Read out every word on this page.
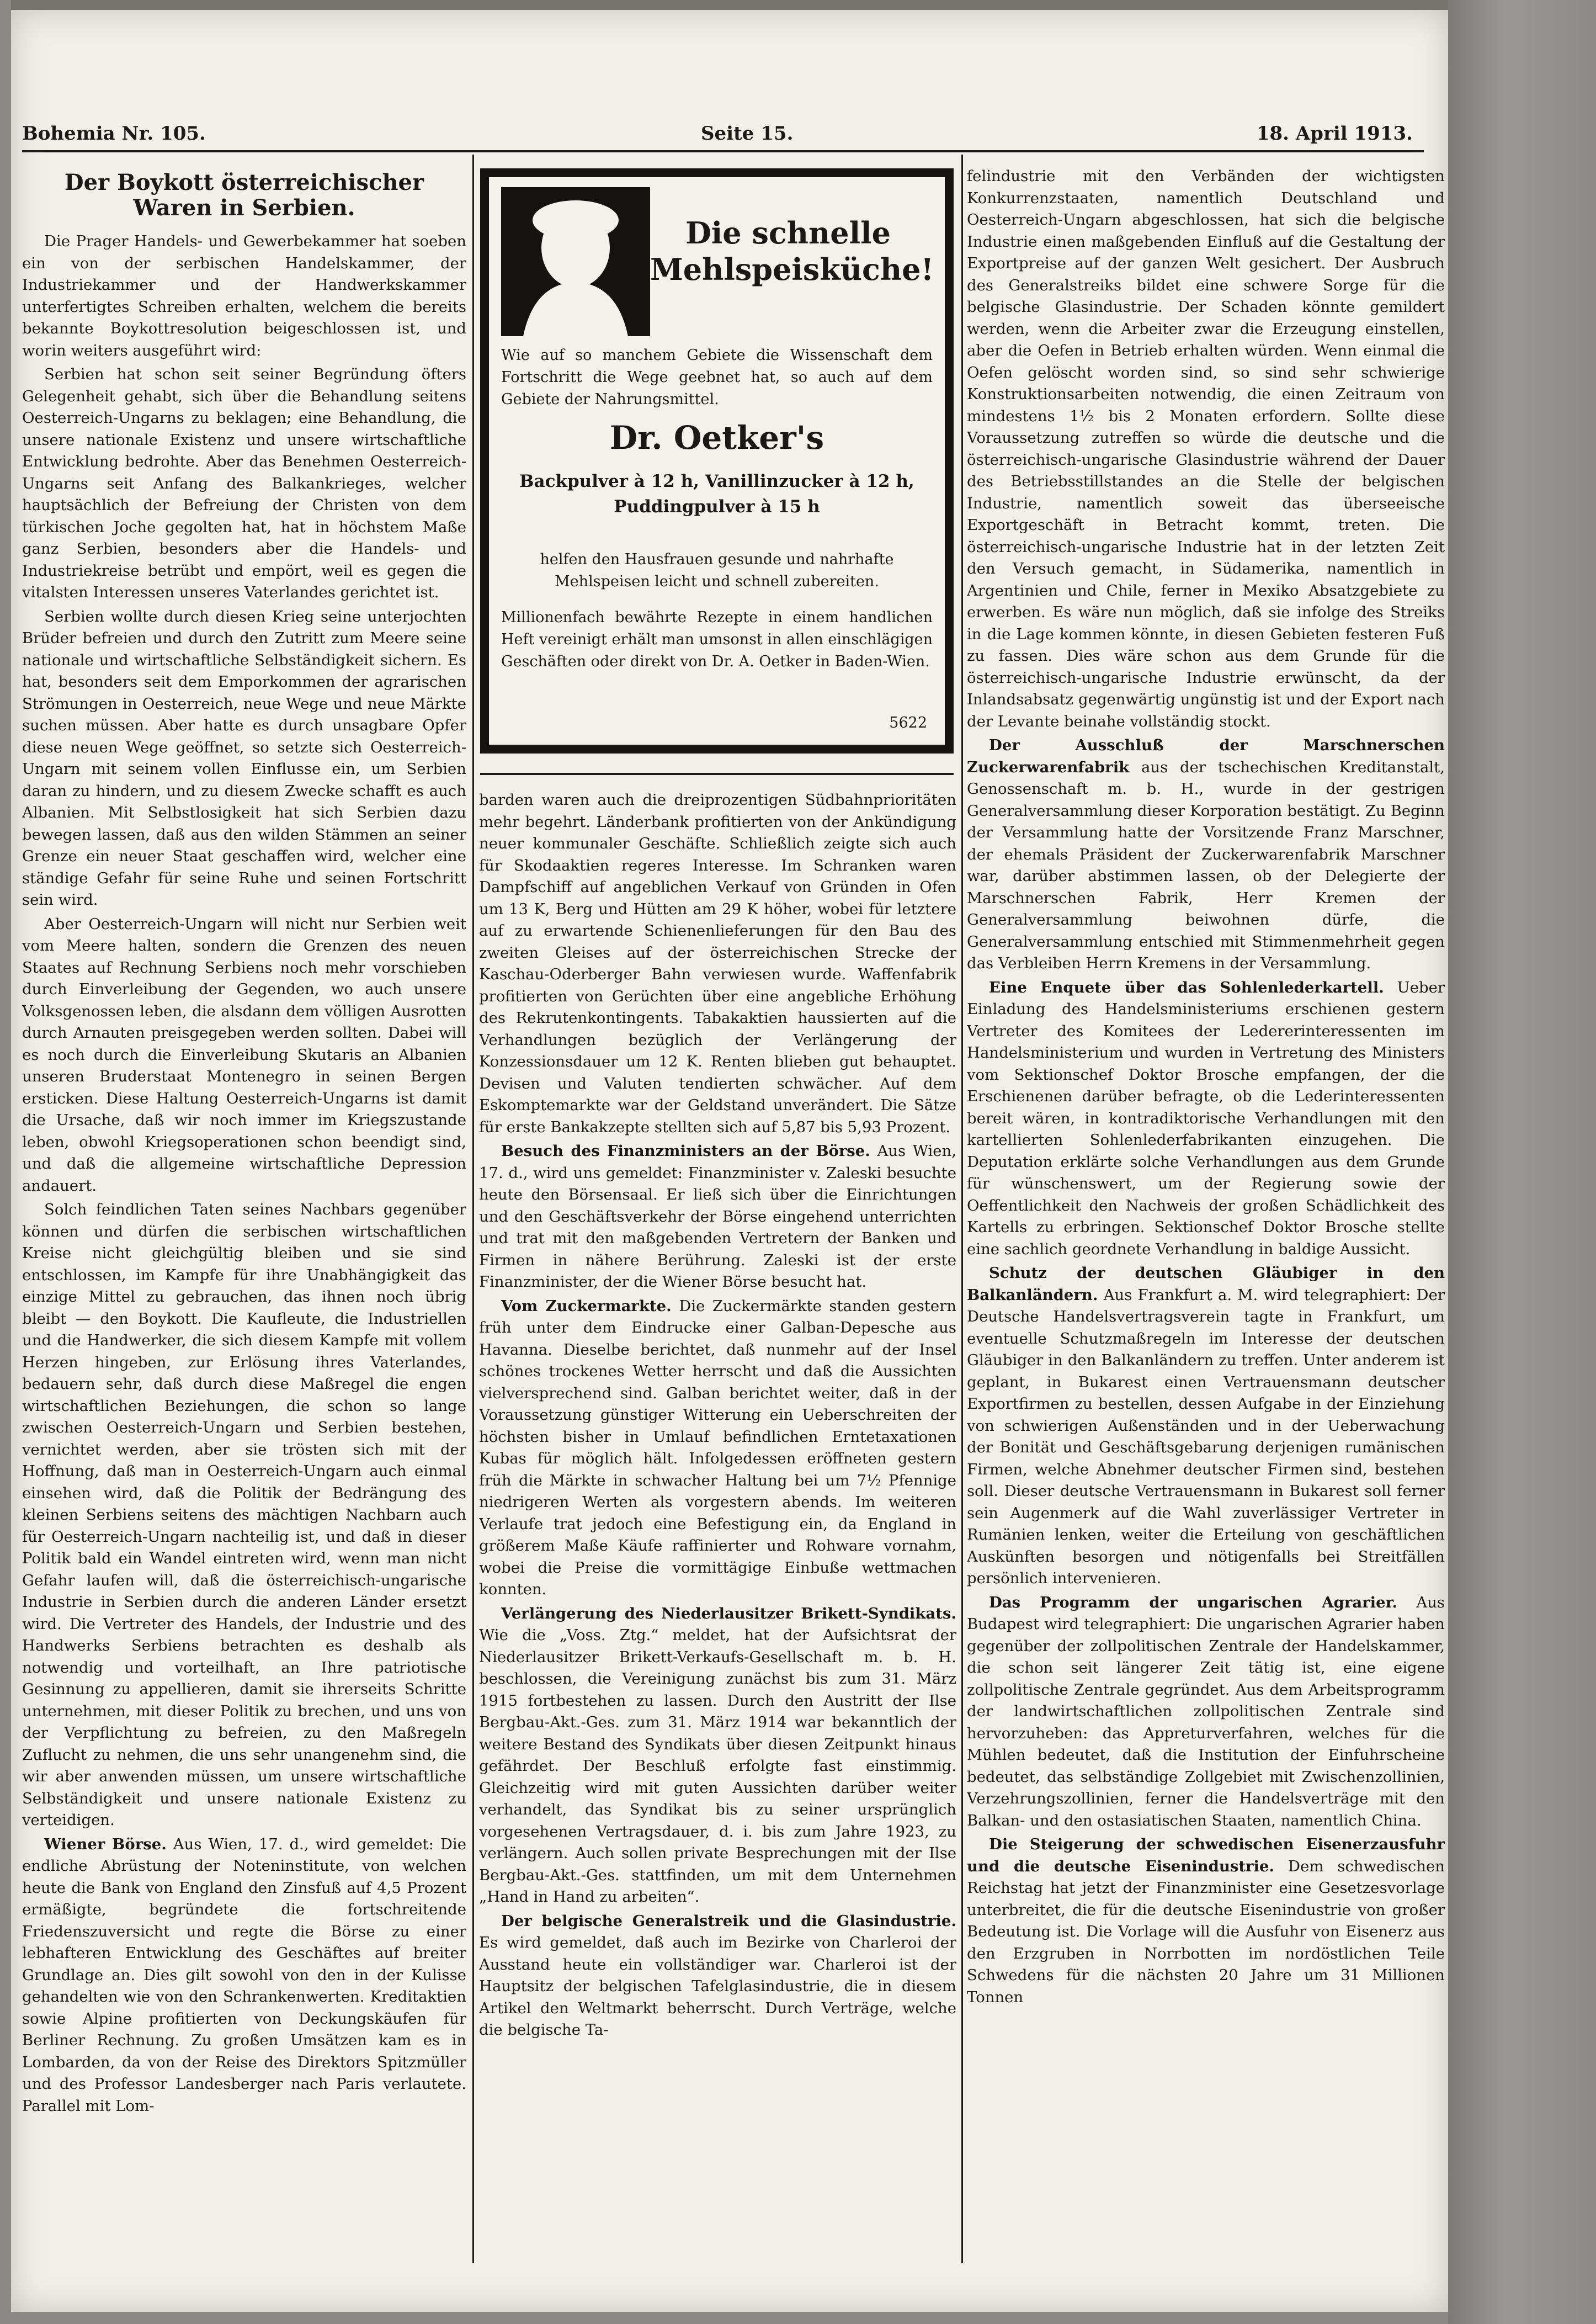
Bohemia Nr. 105.	Seite 15.	18. April 1913.

Der Boykott österreichischer Waren in Serbien.

Die Prager Handels- und Gewerbekammer hat soeben ein von der serbischen Handelskammer, der Industriekammer und der Handwerkskammer unterfertigtes Schreiben erhalten, welchem die bereits bekannte Boykottresolution beigeschlossen ist, und worin weiters ausgeführt wird:

Serbien hat schon seit seiner Begründung öfters Gelegenheit gehabt, sich über die Behandlung seitens Oesterreich-Ungarns zu beklagen; eine Behandlung, die unsere nationale Existenz und unsere wirtschaftliche Entwicklung bedrohte. Aber das Benehmen Oesterreich-Ungarns seit Anfang des Balkankrieges, welcher hauptsächlich der Befreiung der Christen von dem türkischen Joche gegolten hat, hat in höchstem Maße ganz Serbien, besonders aber die Handels- und Industriekreise betrübt und empört, weil es gegen die vitalsten Interessen unseres Vaterlandes gerichtet ist.

Serbien wollte durch diesen Krieg seine unterjochten Brüder befreien und durch den Zutritt zum Meere seine nationale und wirtschaftliche Selbständigkeit sichern. Es hat, besonders seit dem Emporkommen der agrarischen Strömungen in Oesterreich, neue Wege und neue Märkte suchen müssen. Aber hatte es durch unsagbare Opfer diese neuen Wege geöffnet, so setzte sich Oesterreich-Ungarn mit seinem vollen Einflusse ein, um Serbien daran zu hindern, und zu diesem Zwecke schafft es auch Albanien. Mit Selbstlosigkeit hat sich Serbien dazu bewegen lassen, daß aus den wilden Stämmen an seiner Grenze ein neuer Staat geschaffen wird, welcher eine ständige Gefahr für seine Ruhe und seinen Fortschritt sein wird.

Aber Oesterreich-Ungarn will nicht nur Serbien weit vom Meere halten, sondern die Grenzen des neuen Staates auf Rechnung Serbiens noch mehr vorschieben durch Einverleibung der Gegenden, wo auch unsere Volksgenossen leben, die alsdann dem völligen Ausrotten durch Arnauten preisgegeben werden sollten. Dabei will es noch durch die Einverleibung Skutaris an Albanien unseren Bruderstaat Montenegro in seinen Bergen ersticken. Diese Haltung Oesterreich-Ungarns ist damit die Ursache, daß wir noch immer im Kriegszustande leben, obwohl Kriegsoperationen schon beendigt sind, und daß die allgemeine wirtschaftliche Depression andauert.

Solch feindlichen Taten seines Nachbars gegenüber können und dürfen die serbischen wirtschaftlichen Kreise nicht gleichgültig bleiben und sie sind entschlossen, im Kampfe für ihre Unabhängigkeit das einzige Mittel zu gebrauchen, das ihnen noch übrig bleibt — den Boykott. Die Kaufleute, die Industriellen und die Handwerker, die sich diesem Kampfe mit vollem Herzen hingeben, zur Erlösung ihres Vaterlandes, bedauern sehr, daß durch diese Maßregel die engen wirtschaftlichen Beziehungen, die schon so lange zwischen Oesterreich-Ungarn und Serbien bestehen, vernichtet werden, aber sie trösten sich mit der Hoffnung, daß man in Oesterreich-Ungarn auch einmal einsehen wird, daß die Politik der Bedrängung des kleinen Serbiens seitens des mächtigen Nachbarn auch für Oesterreich-Ungarn nachteilig ist, und daß in dieser Politik bald ein Wandel eintreten wird, wenn man nicht Gefahr laufen will, daß die österreichisch-ungarische Industrie in Serbien durch die anderen Länder ersetzt wird. Die Vertreter des Handels, der Industrie und des Handwerks Serbiens betrachten es deshalb als notwendig und vorteilhaft, an Ihre patriotische Gesinnung zu appellieren, damit sie ihrerseits Schritte unternehmen, mit dieser Politik zu brechen, und uns von der Verpflichtung zu befreien, zu den Maßregeln Zuflucht zu nehmen, die uns sehr unangenehm sind, die wir aber anwenden müssen, um unsere wirtschaftliche Selbständigkeit und unsere nationale Existenz zu verteidigen.

Wiener Börse. Aus Wien, 17. d., wird gemeldet: Die endliche Abrüstung der Noteninstitute, von welchen heute die Bank von England den Zinsfuß auf 4,5 Prozent ermäßigte, begründete die fortschreitende Friedenszuversicht und regte die Börse zu einer lebhafteren Entwicklung des Geschäftes auf breiter Grundlage an. Dies gilt sowohl von den in der Kulisse gehandelten wie von den Schrankenwerten. Kreditaktien sowie Alpine profitierten von Deckungskäufen für Berliner Rechnung. Zu großen Umsätzen kam es in Lombarden, da von der Reise des Direktors Spitzmüller und des Professor Landesberger nach Paris verlautete. Parallel mit Lom-

Die schnelle Mehlspeisküche!
Wie auf so manchem Gebiete die Wissenschaft dem Fortschritt die Wege geebnet hat, so auch auf dem Gebiete der Nahrungsmittel.
Dr. Oetker's
Backpulver à 12 h, Vanillinzucker à 12 h, Puddingpulver à 15 h
helfen den Hausfrauen gesunde und nahrhafte Mehlspeisen leicht und schnell zubereiten.
Millionenfach bewährte Rezepte in einem handlichen Heft vereinigt erhält man umsonst in allen einschlägigen Geschäften oder direkt von Dr. A. Oetker in Baden-Wien.
5622

barden waren auch die dreiprozentigen Südbahnprioritäten mehr begehrt. Länderbank profitierten von der Ankündigung neuer kommunaler Geschäfte. Schließlich zeigte sich auch für Skodaaktien regeres Interesse. Im Schranken waren Dampfschiff auf angeblichen Verkauf von Gründen in Ofen um 13 K, Berg und Hütten am 29 K höher, wobei für letztere auf zu erwartende Schienenlieferungen für den Bau des zweiten Gleises auf der österreichischen Strecke der Kaschau-Oderberger Bahn verwiesen wurde. Waffenfabrik profitierten von Gerüchten über eine angebliche Erhöhung des Rekrutenkontingents. Tabakaktien haussierten auf die Verhandlungen bezüglich der Verlängerung der Konzessionsdauer um 12 K. Renten blieben gut behauptet. Devisen und Valuten tendierten schwächer. Auf dem Eskomptemarkte war der Geldstand unverändert. Die Sätze für erste Bankakzepte stellten sich auf 5,87 bis 5,93 Prozent.

Besuch des Finanzministers an der Börse. Aus Wien, 17. d., wird uns gemeldet: Finanzminister v. Zaleski besuchte heute den Börsensaal. Er ließ sich über die Einrichtungen und den Geschäftsverkehr der Börse eingehend unterrichten und trat mit den maßgebenden Vertretern der Banken und Firmen in nähere Berührung. Zaleski ist der erste Finanzminister, der die Wiener Börse besucht hat.

Vom Zuckermarkte. Die Zuckermärkte standen gestern früh unter dem Eindrucke einer Galban-Depesche aus Havanna. Dieselbe berichtet, daß nunmehr auf der Insel schönes trockenes Wetter herrscht und daß die Aussichten vielversprechend sind. Galban berichtet weiter, daß in der Voraussetzung günstiger Witterung ein Ueberschreiten der höchsten bisher in Umlauf befindlichen Erntetaxationen Kubas für möglich hält. Infolgedessen eröffneten gestern früh die Märkte in schwacher Haltung bei um 7½ Pfennige niedrigeren Werten als vorgestern abends. Im weiteren Verlaufe trat jedoch eine Befestigung ein, da England in größerem Maße Käufe raffinierter und Rohware vornahm, wobei die Preise die vormittägige Einbuße wettmachen konnten.

Verlängerung des Niederlausitzer Brikett-Syndikats. Wie die „Voss. Ztg.“ meldet, hat der Aufsichtsrat der Niederlausitzer Brikett-Verkaufs-Gesellschaft m. b. H. beschlossen, die Vereinigung zunächst bis zum 31. März 1915 fortbestehen zu lassen. Durch den Austritt der Ilse Bergbau-Akt.-Ges. zum 31. März 1914 war bekanntlich der weitere Bestand des Syndikats über diesen Zeitpunkt hinaus gefährdet. Der Beschluß erfolgte fast einstimmig. Gleichzeitig wird mit guten Aussichten darüber weiter verhandelt, das Syndikat bis zu seiner ursprünglich vorgesehenen Vertragsdauer, d. i. bis zum Jahre 1923, zu verlängern. Auch sollen private Besprechungen mit der Ilse Bergbau-Akt.-Ges. stattfinden, um mit dem Unternehmen „Hand in Hand zu arbeiten“.

Der belgische Generalstreik und die Glasindustrie. Es wird gemeldet, daß auch im Bezirke von Charleroi der Ausstand heute ein vollständiger war. Charleroi ist der Hauptsitz der belgischen Tafelglasindustrie, die in diesem Artikel den Weltmarkt beherrscht. Durch Verträge, welche die belgische Ta-

felindustrie mit den Verbänden der wichtigsten Konkurrenzstaaten, namentlich Deutschland und Oesterreich-Ungarn abgeschlossen, hat sich die belgische Industrie einen maßgebenden Einfluß auf die Gestaltung der Exportpreise auf der ganzen Welt gesichert. Der Ausbruch des Generalstreiks bildet eine schwere Sorge für die belgische Glasindustrie. Der Schaden könnte gemildert werden, wenn die Arbeiter zwar die Erzeugung einstellen, aber die Oefen in Betrieb erhalten würden. Wenn einmal die Oefen gelöscht worden sind, so sind sehr schwierige Konstruktionsarbeiten notwendig, die einen Zeitraum von mindestens 1½ bis 2 Monaten erfordern. Sollte diese Voraussetzung zutreffen so würde die deutsche und die österreichisch-ungarische Glasindustrie während der Dauer des Betriebsstillstandes an die Stelle der belgischen Industrie, namentlich soweit das überseeische Exportgeschäft in Betracht kommt, treten. Die österreichisch-ungarische Industrie hat in der letzten Zeit den Versuch gemacht, in Südamerika, namentlich in Argentinien und Chile, ferner in Mexiko Absatzgebiete zu erwerben. Es wäre nun möglich, daß sie infolge des Streiks in die Lage kommen könnte, in diesen Gebieten festeren Fuß zu fassen. Dies wäre schon aus dem Grunde für die österreichisch-ungarische Industrie erwünscht, da der Inlandsabsatz gegenwärtig ungünstig ist und der Export nach der Levante beinahe vollständig stockt.

Der Ausschluß der Marschnerschen Zuckerwarenfabrik aus der tschechischen Kreditanstalt, Genossenschaft m. b. H., wurde in der gestrigen Generalversammlung dieser Korporation bestätigt. Zu Beginn der Versammlung hatte der Vorsitzende Franz Marschner, der ehemals Präsident der Zuckerwarenfabrik Marschner war, darüber abstimmen lassen, ob der Delegierte der Marschnerschen Fabrik, Herr Kremen der Generalversammlung beiwohnen dürfe, die Generalversammlung entschied mit Stimmenmehrheit gegen das Verbleiben Herrn Kremens in der Versammlung.

Eine Enquete über das Sohlenlederkartell. Ueber Einladung des Handelsministeriums erschienen gestern Vertreter des Komitees der Ledererinteressenten im Handelsministerium und wurden in Vertretung des Ministers vom Sektionschef Doktor Brosche empfangen, der die Erschienenen darüber befragte, ob die Lederinteressenten bereit wären, in kontradiktorische Verhandlungen mit den kartellierten Sohlenlederfabrikanten einzugehen. Die Deputation erklärte solche Verhandlungen aus dem Grunde für wünschenswert, um der Regierung sowie der Oeffentlichkeit den Nachweis der großen Schädlichkeit des Kartells zu erbringen. Sektionschef Doktor Brosche stellte eine sachlich geordnete Verhandlung in baldige Aussicht.

Schutz der deutschen Gläubiger in den Balkanländern. Aus Frankfurt a. M. wird telegraphiert: Der Deutsche Handelsvertragsverein tagte in Frankfurt, um eventuelle Schutzmaßregeln im Interesse der deutschen Gläubiger in den Balkanländern zu treffen. Unter anderem ist geplant, in Bukarest einen Vertrauensmann deutscher Exportfirmen zu bestellen, dessen Aufgabe in der Einziehung von schwierigen Außenständen und in der Ueberwachung der Bonität und Geschäftsgebarung derjenigen rumänischen Firmen, welche Abnehmer deutscher Firmen sind, bestehen soll. Dieser deutsche Vertrauensmann in Bukarest soll ferner sein Augenmerk auf die Wahl zuverlässiger Vertreter in Rumänien lenken, weiter die Erteilung von geschäftlichen Auskünften besorgen und nötigenfalls bei Streitfällen persönlich intervenieren.

Das Programm der ungarischen Agrarier. Aus Budapest wird telegraphiert: Die ungarischen Agrarier haben gegenüber der zollpolitischen Zentrale der Handelskammer, die schon seit längerer Zeit tätig ist, eine eigene zollpolitische Zentrale gegründet. Aus dem Arbeitsprogramm der landwirtschaftlichen zollpolitischen Zentrale sind hervorzuheben: das Appreturverfahren, welches für die Mühlen bedeutet, daß die Institution der Einfuhrscheine bedeutet, das selbständige Zollgebiet mit Zwischenzollinien, Verzehrungszollinien, ferner die Handelsverträge mit den Balkan- und den ostasiatischen Staaten, namentlich China.

Die Steigerung der schwedischen Eisenerzausfuhr und die deutsche Eisenindustrie. Dem schwedischen Reichstag hat jetzt der Finanzminister eine Gesetzesvorlage unterbreitet, die für die deutsche Eisenindustrie von großer Bedeutung ist. Die Vorlage will die Ausfuhr von Eisenerz aus den Erzgruben in Norrbotten im nordöstlichen Teile Schwedens für die nächsten 20 Jahre um 31 Millionen Tonnen
